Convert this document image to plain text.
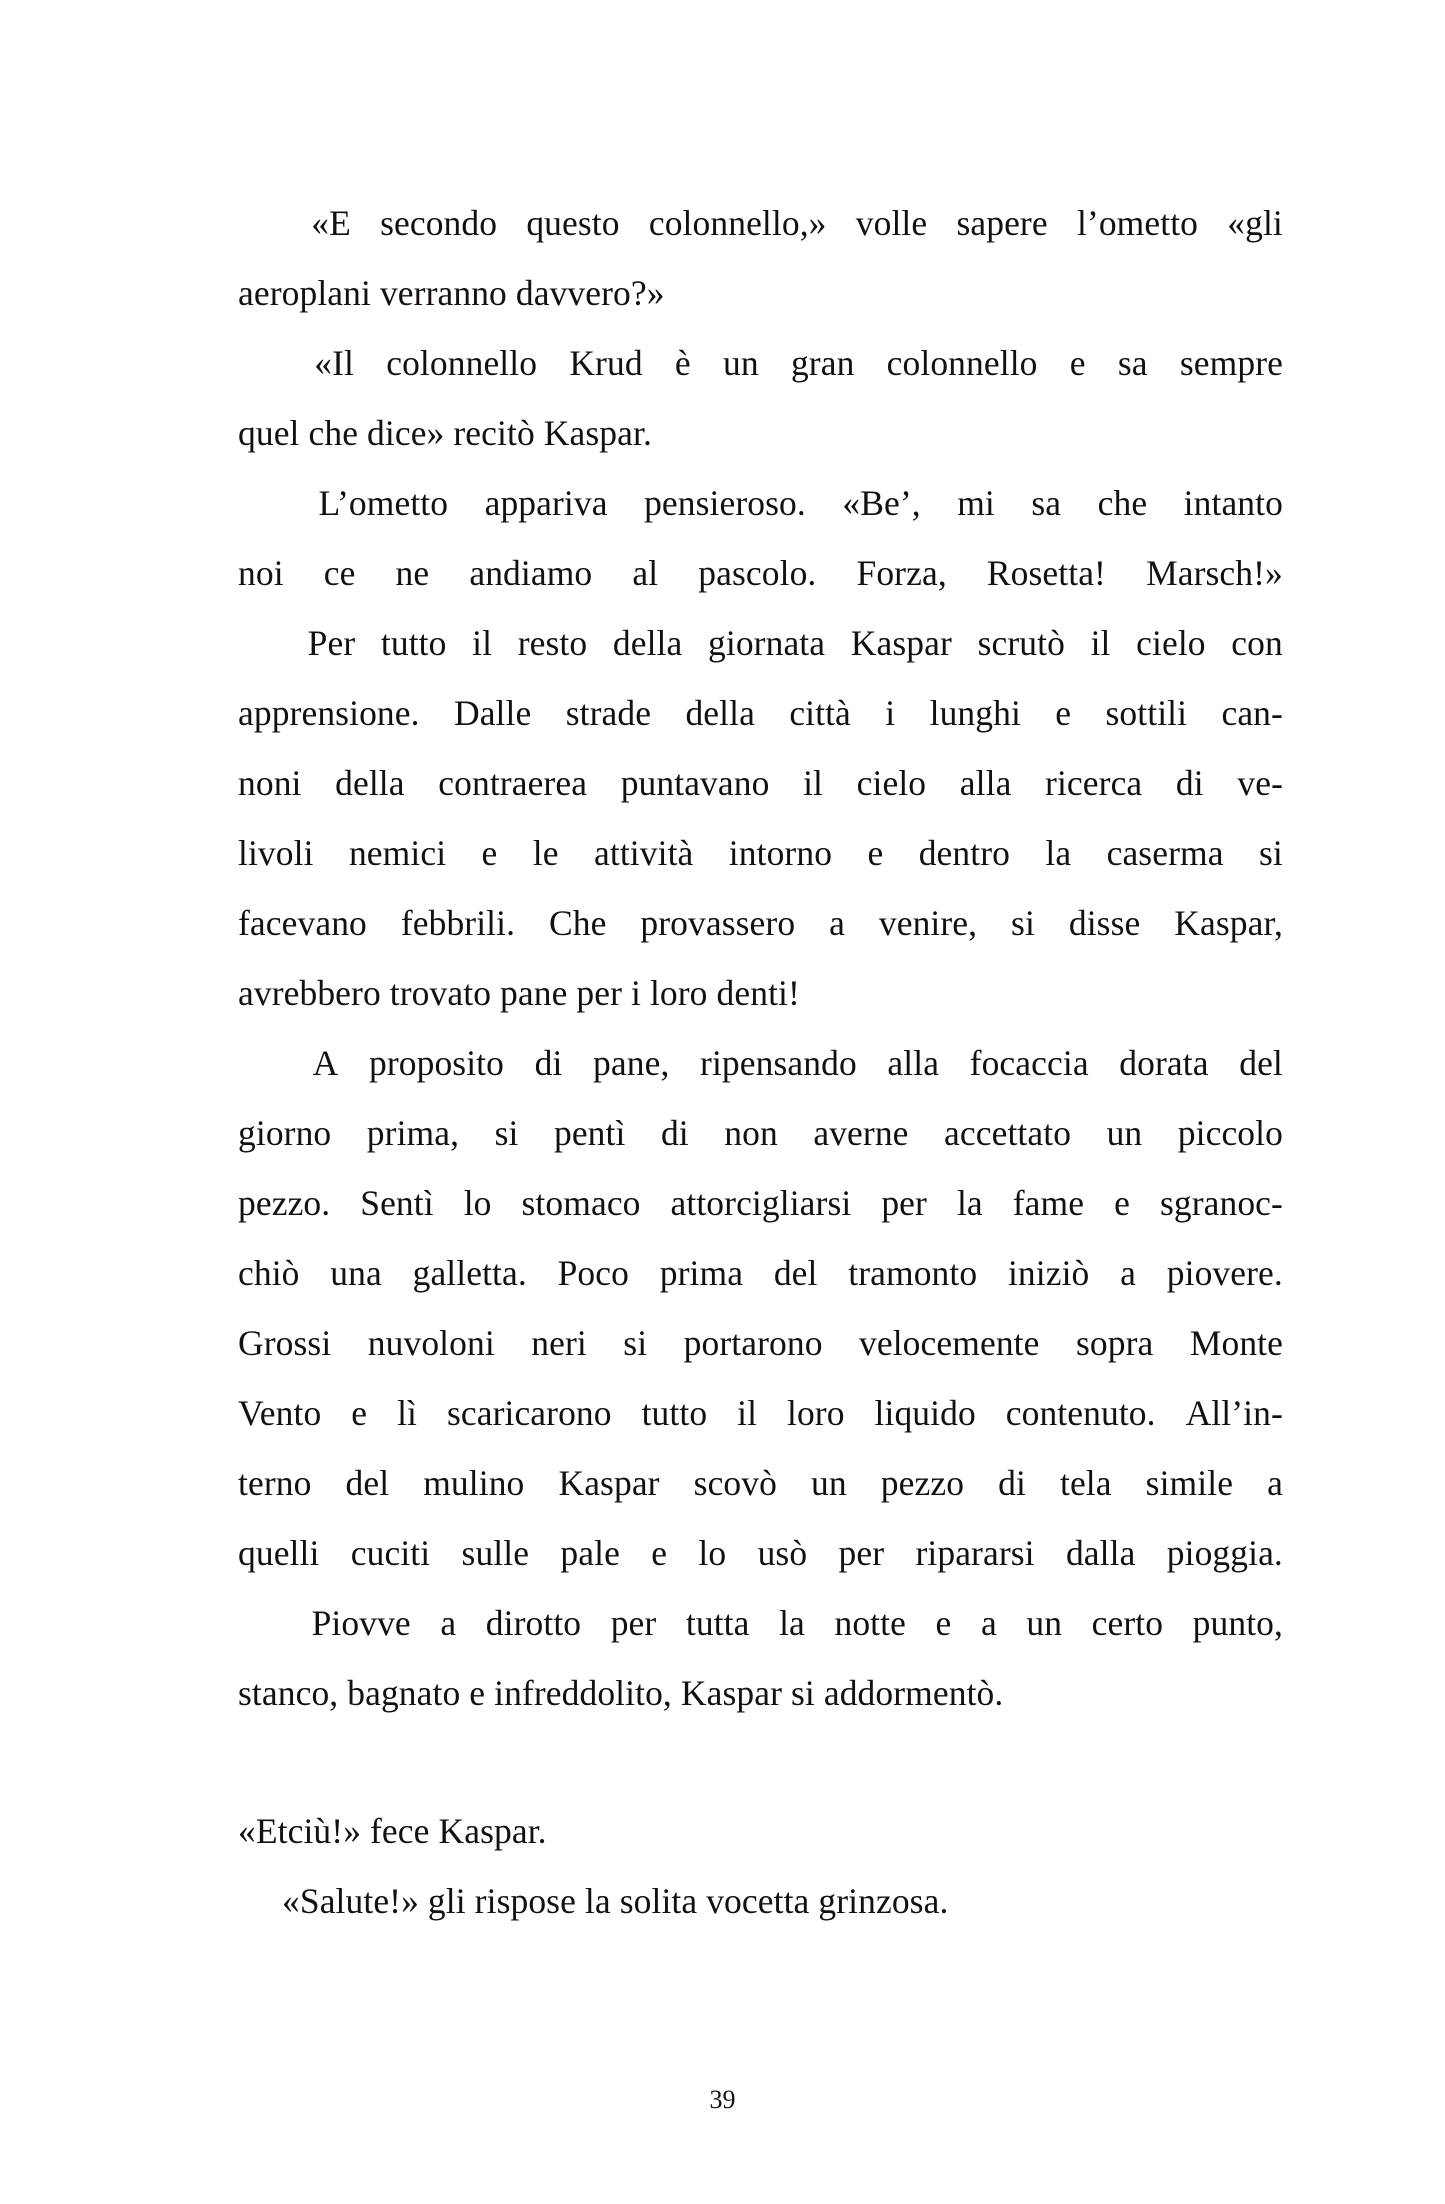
«E secondo questo colonnello,» volle sapere l’ometto «gli
aeroplani verranno davvero?»

«Il colonnello Krud è un gran colonnello e sa sempre
quel che dice» recitò Kaspar.

L’ometto appariva pensieroso. «Be’, mi sa che intanto
noi ce ne andiamo al pascolo. Forza, Rosetta! Marsch!»

Per tutto il resto della giornata Kaspar scrutò il cielo con
apprensione. Dalle strade della città i lunghi e sottili can-
noni della contraerea puntavano il cielo alla ricerca di ve-
livoli nemici e le attività intorno e dentro la caserma si
facevano febbrili. Che provassero a venire, si disse Kaspar,
avrebbero trovato pane per i loro denti!

A proposito di pane, ripensando alla focaccia dorata del
giorno prima, si pentì di non averne accettato un piccolo
pezzo. Sentì lo stomaco attorcigliarsi per la fame e sgranoc-
chiò una galletta. Poco prima del tramonto iniziò a piovere.
Grossi nuvoloni neri si portarono velocemente sopra Monte
Vento e lì scaricarono tutto il loro liquido contenuto. All’in-
terno del mulino Kaspar scovò un pezzo di tela simile a
quelli cuciti sulle pale e lo usò per ripararsi dalla pioggia.

Piovve a dirotto per tutta la notte e a un certo punto,
stanco, bagnato e infreddolito, Kaspar si addormentò.

«Etciù!» fece Kaspar.

«Salute!» gli rispose la solita vocetta grinzosa.

39
